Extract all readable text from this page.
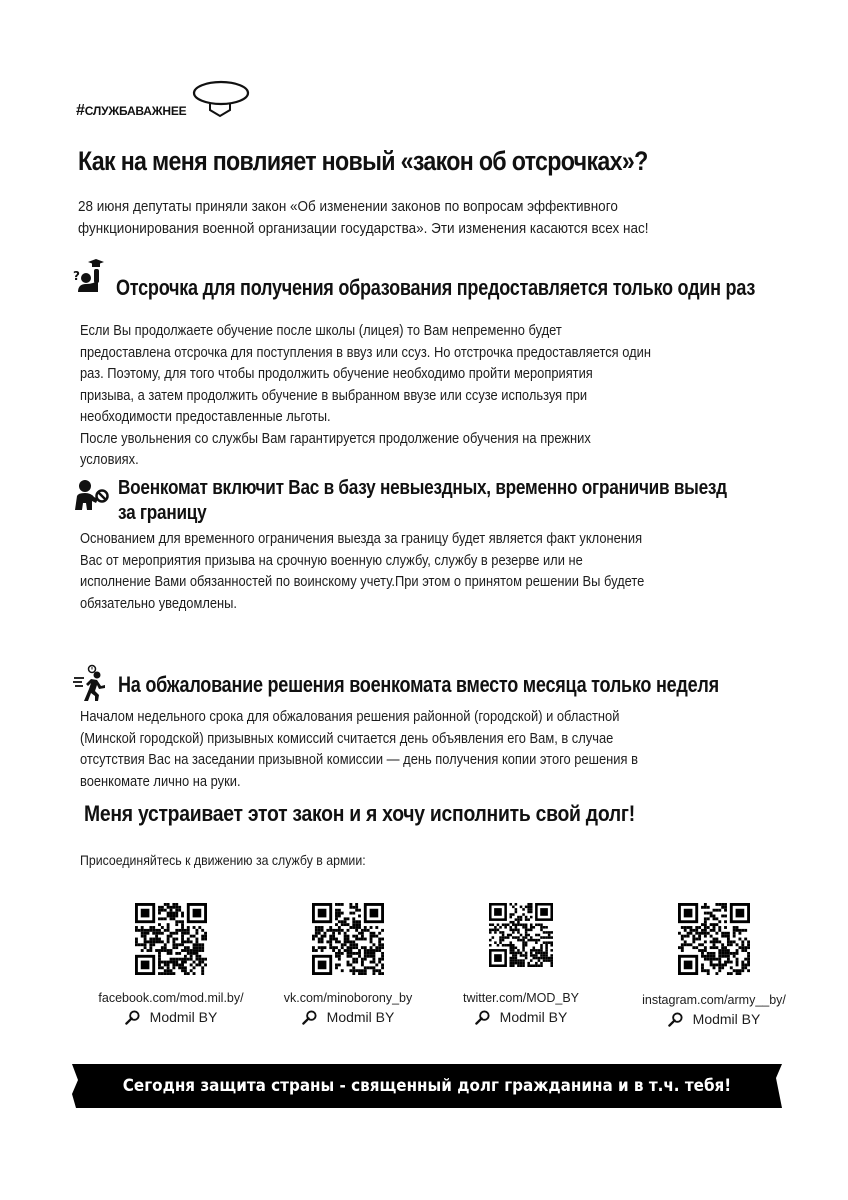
#СЛУЖБАВАЖНЕЕ
Как на меня повлияет новый «закон об отсрочках»?
28 июня депутаты приняли закон «Об изменении законов по вопросам эффективного
функционирования военной организации государства». Эти изменения касаются всех нас!
? Отсрочка для получения образования предоставляется только один раз
Если Вы продолжаете обучение после школы (лицея) то Вам непременно будет
предоставлена отсрочка для поступления в ввуз или ссуз. Но отстрочка предоставляется один
раз. Поэтому, для того чтобы продолжить обучение необходимо пройти мероприятия
призыва, а затем продолжить обучение в выбранном ввузе или ссузе используя при
необходимости предоставленные льготы.
После увольнения со службы Вам гарантируется продолжение обучения на прежних
условиях.
Военкомат включит Вас в базу невыездных, временно ограничив выезд
за границу
Основанием для временного ограничения выезда за границу будет является факт уклонения
Вас от мероприятия призыва на срочную военную службу, службу в резерве или не
исполнение Вами обязанностей по воинскому учету.При этом о принятом решении Вы будете
обязательно уведомлены.
На обжалование решения военкомата вместо месяца только неделя
Началом недельного срока для обжалования решения районной (городской) и областной
(Минской городской) призывных комиссий считается день объявления его Вам, в случае
отсутствия Вас на заседании призывной комиссии — день получения копии этого решения в
военкомате лично на руки.
Меня устраивает этот закон и я хочу исполнить свой долг!
Присоединяйтесь к движению за службу в армии:
facebook.com/mod.mil.by/
Modmil BY
vk.com/minoborony_by
Modmil BY
twitter.com/MOD_BY
Modmil BY
instagram.com/army__by/
Modmil BY
Сегодня защита страны - священный долг гражданина и в т.ч. тебя!
